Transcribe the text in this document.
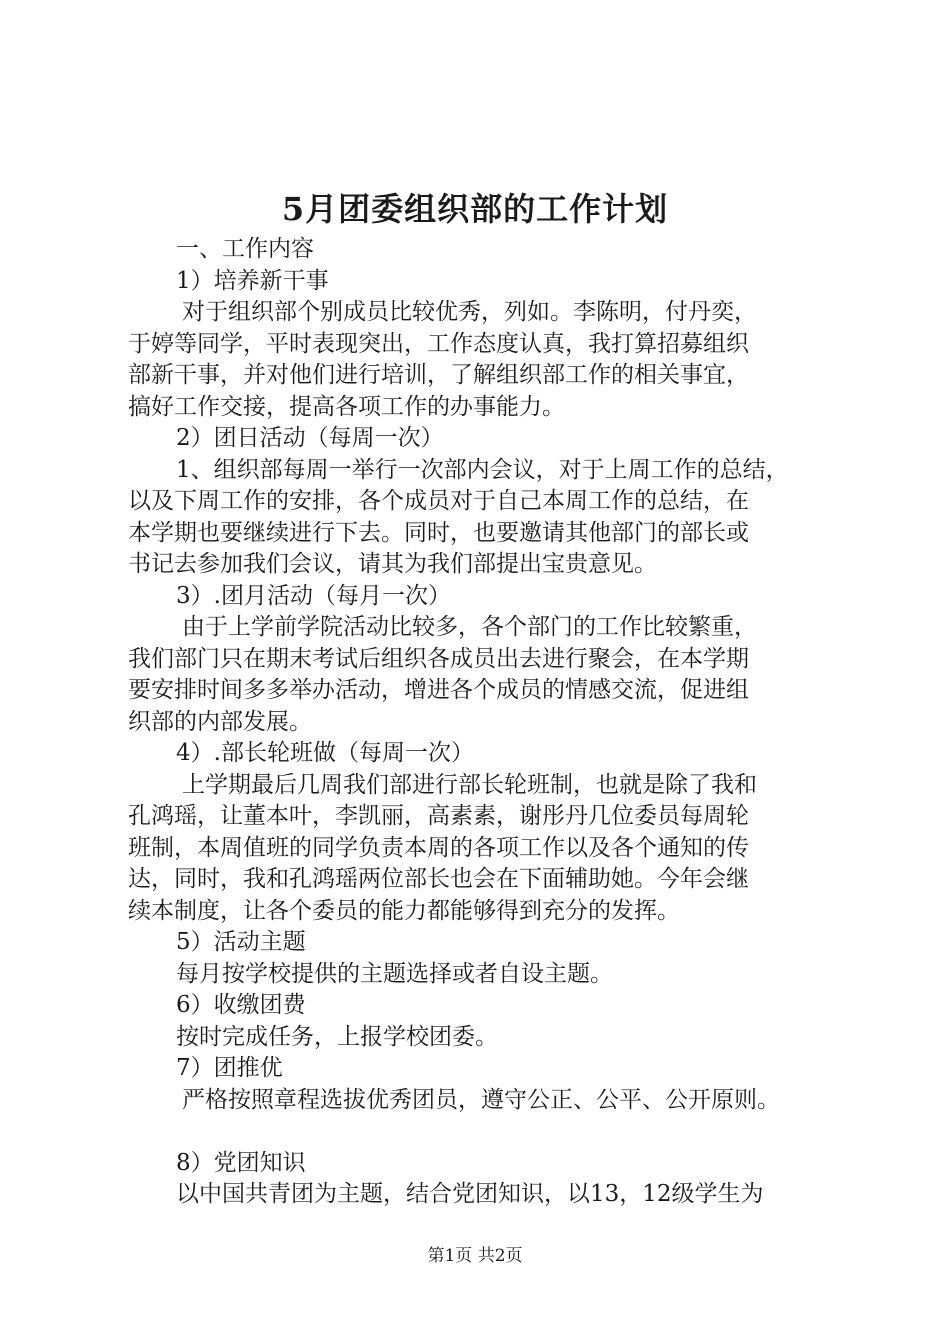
5月团委组织部的工作计划
一、工作内容
1）培养新干事
对于组织部个别成员比较优秀，列如。李陈明，付丹奕，
于婷等同学，平时表现突出，工作态度认真，我打算招募组织
部新干事，并对他们进行培训，了解组织部工作的相关事宜，
搞好工作交接，提高各项工作的办事能力。
2）团日活动（每周一次）
1、组织部每周一举行一次部内会议，对于上周工作的总结，
以及下周工作的安排，各个成员对于自己本周工作的总结，在
本学期也要继续进行下去。同时，也要邀请其他部门的部长或
书记去参加我们会议，请其为我们部提出宝贵意见。
3）.团月活动（每月一次）
由于上学前学院活动比较多，各个部门的工作比较繁重，
我们部门只在期末考试后组织各成员出去进行聚会，在本学期
要安排时间多多举办活动，增进各个成员的情感交流，促进组
织部的内部发展。
4）.部长轮班做（每周一次）
上学期最后几周我们部进行部长轮班制，也就是除了我和
孔鸿瑶，让董本叶，李凯丽，高素素，谢彤丹几位委员每周轮
班制，本周值班的同学负责本周的各项工作以及各个通知的传
达，同时，我和孔鸿瑶两位部长也会在下面辅助她。今年会继
续本制度，让各个委员的能力都能够得到充分的发挥。
5）活动主题
每月按学校提供的主题选择或者自设主题。
6）收缴团费
按时完成任务，上报学校团委。
7）团推优
严格按照章程选拔优秀团员，遵守公正、公平、公开原则。
8）党团知识
以中国共青团为主题，结合党团知识，以13，12级学生为
第1页 共2页
